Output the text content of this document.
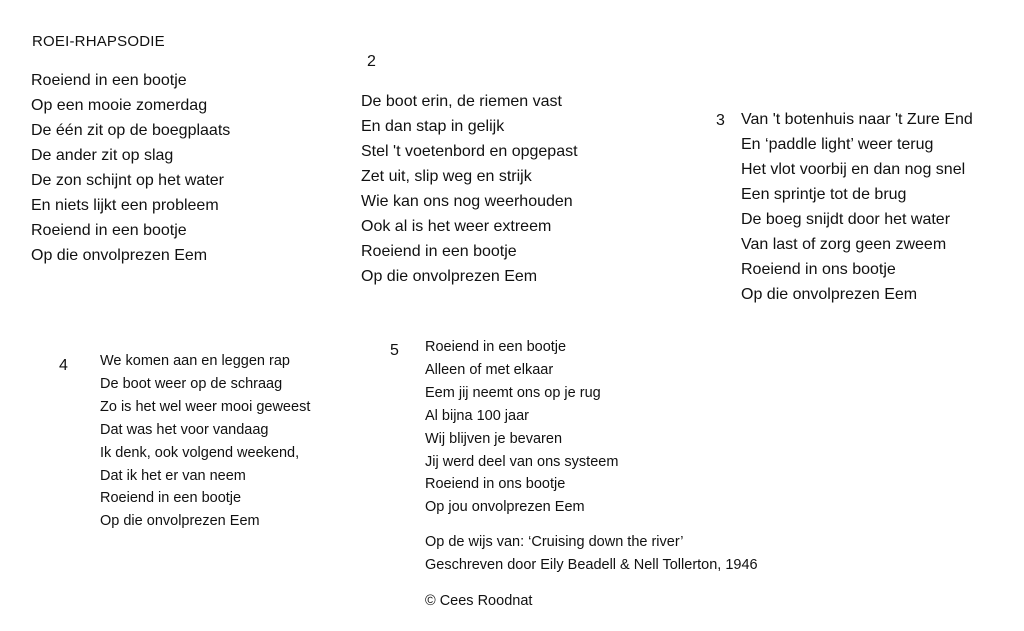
ROEI-RHAPSODIE
Roeiend in een bootje
Op een mooie zomerdag
De één zit op de boegplaats
De ander zit op slag
De zon schijnt op het water
En niets lijkt een probleem
Roeiend in een bootje
Op die onvolprezen Eem
2
De boot erin, de riemen vast
En dan stap in gelijk
Stel 't voetenbord en opgepast
Zet uit, slip weg en strijk
Wie kan ons nog weerhouden
Ook al is het weer extreem
Roeiend in een bootje
Op die onvolprezen Eem
3 Van 't botenhuis naar 't Zure End
En ‘paddle light’ weer terug
Het vlot voorbij en dan nog snel
Een sprintje tot de brug
De boeg snijdt door het water
Van last of zorg geen zweem
Roeiend in ons bootje
Op die onvolprezen Eem
4 We komen aan en leggen rap
De boot weer op de schraag
Zo is het wel weer mooi geweest
Dat was het voor vandaag
Ik denk, ook volgend weekend,
Dat ik het er van neem
Roeiend in een bootje
Op die onvolprezen Eem
5 Roeiend in een bootje
Alleen of met elkaar
Eem jij neemt ons op je rug
Al bijna 100 jaar
Wij blijven je bevaren
Jij werd deel van ons systeem
Roeiend in ons bootje
Op jou onvolprezen Eem
Op de wijs van: ‘Cruising down the river’
Geschreven door Eily Beadell & Nell Tollerton, 1946
© Cees Roodnat
